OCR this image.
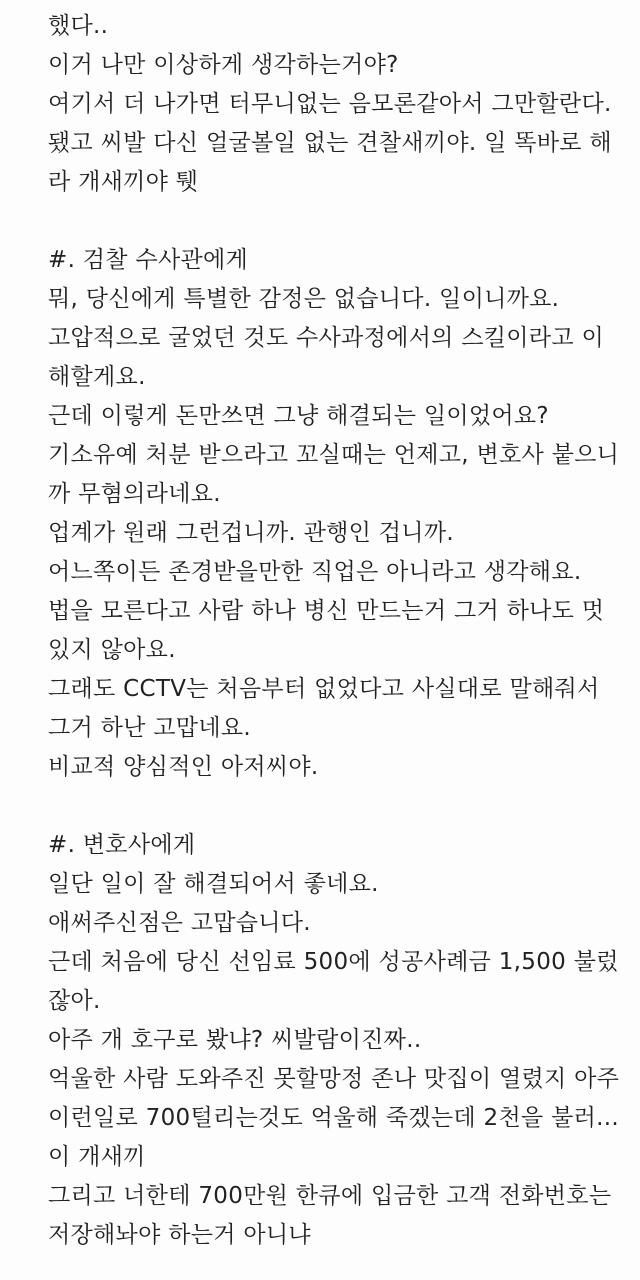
했다..
이거 나만 이상하게 생각하는거야?
여기서 더 나가면 터무니없는 음모론같아서 그만할란다.
됐고 씨발 다신 얼굴볼일 없는 견찰새끼야. 일 똑바로 해
라 개새끼야 퉷
#. 검찰 수사관에게
뭐, 당신에게 특별한 감정은 없습니다. 일이니까요.
고압적으로 굴었던 것도 수사과정에서의 스킬이라고 이
해할게요.
근데 이렇게 돈만쓰면 그냥 해결되는 일이었어요?
기소유예 처분 받으라고 꼬실때는 언제고, 변호사 붙으니
까 무혐의라네요.
업계가 원래 그런겁니까. 관행인 겁니까.
어느쪽이든 존경받을만한 직업은 아니라고 생각해요.
법을 모른다고 사람 하나 병신 만드는거 그거 하나도 멋
있지 않아요.
그래도 CCTV는 처음부터 없었다고 사실대로 말해줘서
그거 하난 고맙네요.
비교적 양심적인 아저씨야.
#. 변호사에게
일단 일이 잘 해결되어서 좋네요.
애써주신점은 고맙습니다.
근데 처음에 당신 선임료 500에 성공사례금 1,500 불렀
잖아.
아주 개 호구로 봤냐? 씨발람이진짜..
억울한 사람 도와주진 못할망정 존나 맛집이 열렸지 아주
이런일로 700털리는것도 억울해 죽겠는데 2천을 불러...
이 개새끼
그리고 너한테 700만원 한큐에 입금한 고객 전화번호는
저장해놔야 하는거 아니냐
